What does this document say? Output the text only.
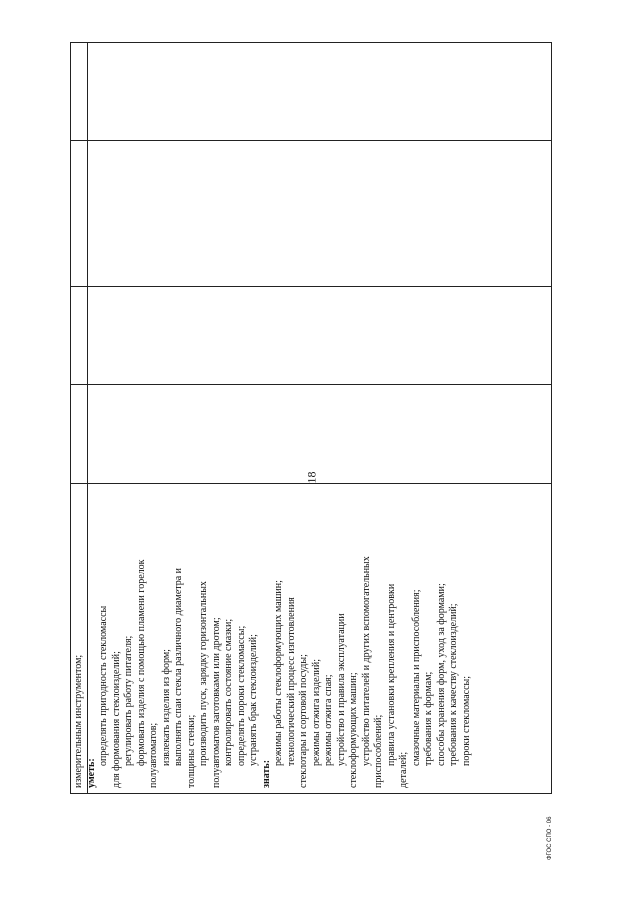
18
измерительным инструментом; уметь:
определять пригодность стекломассы для формования стеклоизделий; регулировать работу питателя; формовать изделия с помощью пламени горелок полуавтоматов; извлекать изделия из форм; выполнять спаи стекла различного диаметра и толщины стенки; производить пуск, зарядку горизонтальных полуавтоматов заготовками или дротом; контролировать состояние смазки; определять пороки стекломассы; устранять брак стеклоизделий;
знать:
режимы работы стеклоформующих машин; технологический процесс изготовления стеклотары и сортовой посуды; режимы отжига изделий; режимы отжига спая; устройство и правила эксплуатации стеклоформующих машин; устройство питателей и других вспомогательных приспособлений; правила установки крепления и центровки
деталей;
смазочные материалы и приспособления; требования к формам; способы хранения форм, уход за формами; требования к качеству стеклоизделий; пороки стекломассы;
ФГОС СПО - 06
